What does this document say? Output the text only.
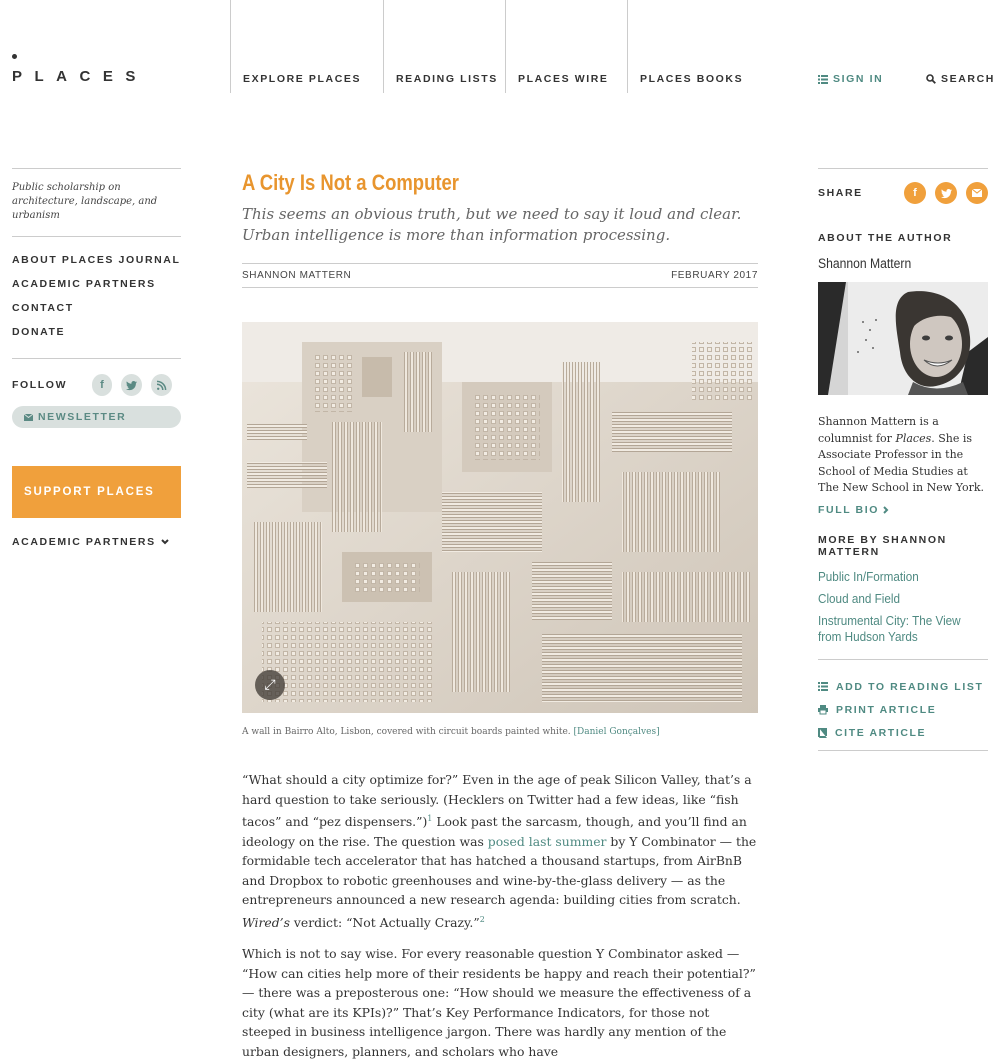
PLACES	EXPLORE PLACES	READING LISTS PLACES WIRE	PLACES BOOKS	SIGN IN	SEARCH
Public scholarship on architecture, landscape, and urbanism
ABOUT PLACES JOURNAL
ACADEMIC PARTNERS
CONTACT
DONATE
FOLLOW	f
NEWSLETTER
SUPPORT PLACES
ACADEMIC PARTNERS
A City Is Not a Computer
This seems an obvious truth, but we need to say it loud and clear. Urban intelligence is more than information processing.
SHANNON MATTERN	FEBRUARY 2017
⤢
A wall in Bairro Alto, Lisbon, covered with circuit boards painted white. [Daniel Gonçalves]

“What should a city optimize for?” Even in the age of peak Silicon Valley, that’s a hard question to take seriously. (Hecklers on Twitter had a few ideas, like “fish tacos” and “pez dispensers.”)$^1$ Look past the sarcasm, though, and you’ll find an ideology on the rise. The question was posed last summer by Y Combinator — the formidable tech accelerator that has hatched a thousand startups, from AirBnB and Dropbox to robotic greenhouses and wine-by-the-glass delivery — as the entrepreneurs announced a new research agenda: building cities from scratch. Wired’s verdict: “Not Actually Crazy.”$^2$

Which is not to say wise. For every reasonable question Y Combinator asked — “How can cities help more of their residents be happy and reach their potential?” — there was a preposterous one: “How should we measure the effectiveness of a city (what are its KPIs)?” That’s Key Performance Indicators, for those not steeped in business intelligence jargon. There was hardly any mention of the urban designers, planners, and scholars who have

SHARE	f
ABOUT THE AUTHOR
Shannon Mattern
Shannon Mattern is a columnist for Places. She is Associate Professor in the School of Media Studies at The New School in New York.
FULL BIO
MORE BY SHANNON MATTERN
Public In/Formation
Cloud and Field
Instrumental City: The View from Hudson Yards
ADD TO READING LIST
PRINT ARTICLE
CITE ARTICLE
